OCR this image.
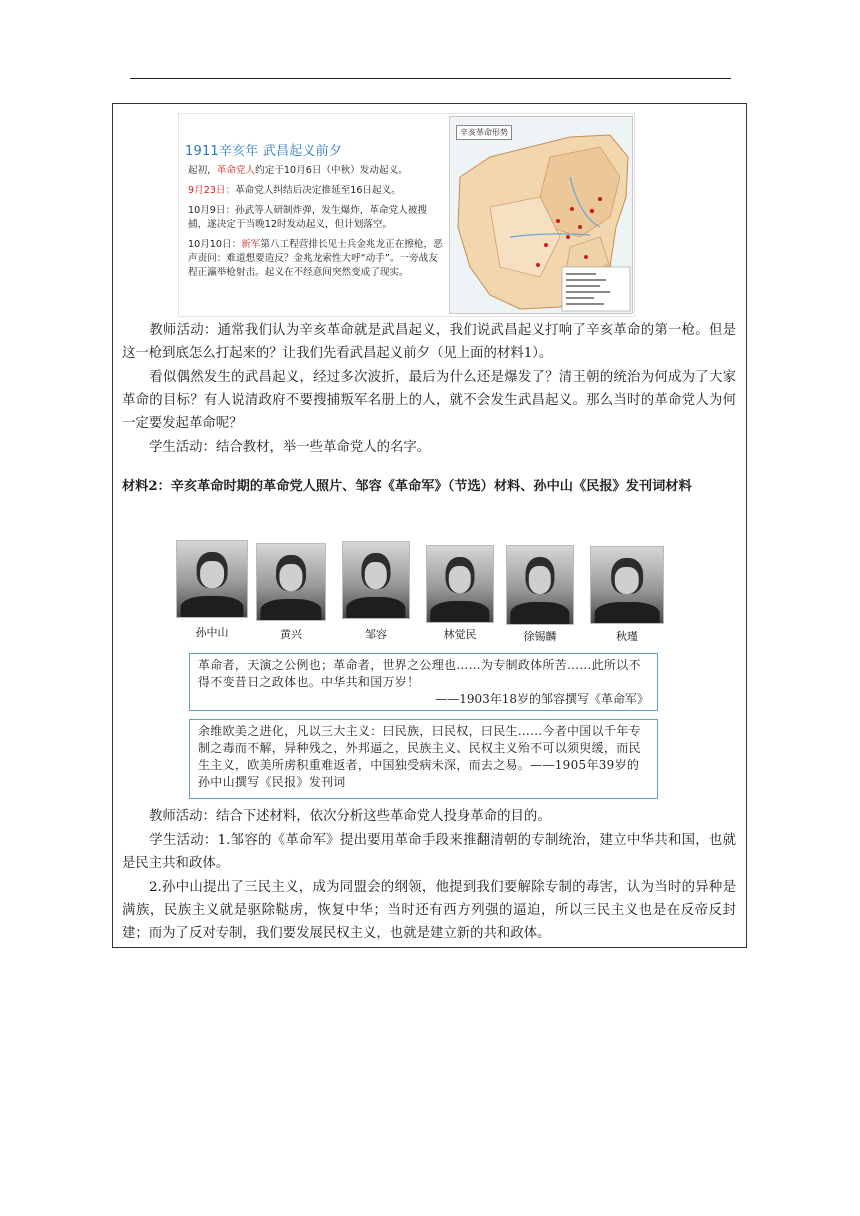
1911辛亥年 武昌起义前夕
起初，革命党人约定于10月6日（中秋）发动起义。
9月23日：革命党人纠结后决定推延至16日起义。
10月9日：孙武等人研制炸弹，发生爆炸，革命党人被搜捕，遂决定于当晚12时发动起义，但计划落空。
10月10日：新军第八工程营排长见士兵金兆龙正在擦枪，恶声责问：难道想要造反？金兆龙索性大呼“动手”。一旁战友程正瀛举枪射击。起义在不经意间突然变成了现实。
辛亥革命形势
教师活动：通常我们认为辛亥革命就是武昌起义，我们说武昌起义打响了辛亥革命的第一枪。但是这一枪到底怎么打起来的？让我们先看武昌起义前夕（见上面的材料1）。
看似偶然发生的武昌起义，经过多次波折，最后为什么还是爆发了？清王朝的统治为何成为了大家革命的目标？有人说清政府不要搜捕叛军名册上的人，就不会发生武昌起义。那么当时的革命党人为何一定要发起革命呢？
学生活动：结合教材，举一些革命党人的名字。
材料2：辛亥革命时期的革命党人照片、邹容《革命军》（节选）材料、孙中山《民报》发刊词材料
孙中山	黄兴	邹容	林觉民	徐锡麟	秋瑾
革命者，天演之公例也；革命者，世界之公理也……为专制政体所苦……此所以不得不变昔日之政体也。中华共和国万岁！
——1903年18岁的邹容撰写《革命军》
余维欧美之进化，凡以三大主义：曰民族，曰民权，曰民生……今者中国以千年专制之毒而不解，异种残之，外邦逼之，民族主义、民权主义殆不可以须臾缓，而民生主义，欧美所虏积重难返者，中国独受病未深，而去之易。——1905年39岁的孙中山撰写《民报》发刊词
教师活动：结合下述材料，依次分析这些革命党人投身革命的目的。
学生活动：1.邹容的《革命军》提出要用革命手段来推翻清朝的专制统治，建立中华共和国，也就是民主共和政体。
2.孙中山提出了三民主义，成为同盟会的纲领，他提到我们要解除专制的毒害，认为当时的异种是满族，民族主义就是驱除鞑虏，恢复中华；当时还有西方列强的逼迫，所以三民主义也是在反帝反封建；而为了反对专制，我们要发展民权主义，也就是建立新的共和政体。
